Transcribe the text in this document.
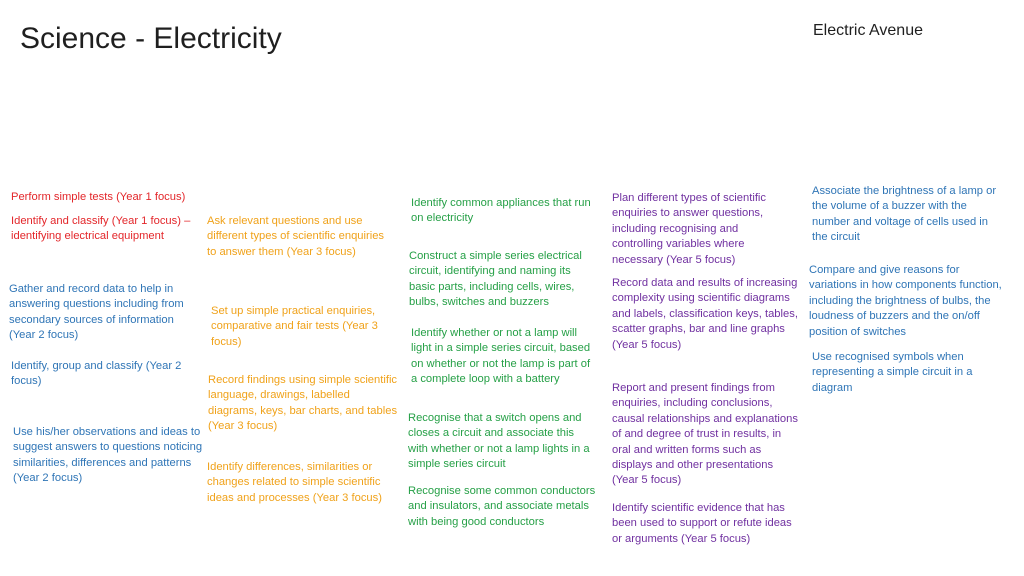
Science - Electricity	Electric Avenue
Perform simple tests (Year 1 focus)
Identify and classify (Year 1 focus) – identifying electrical equipment
Gather and record data to help in answering questions including from secondary sources of information (Year 2 focus)
Identify, group and classify (Year 2 focus)
Use his/her observations and ideas to suggest answers to questions noticing similarities, differences and patterns (Year 2 focus)
Ask relevant questions and use different types of scientific enquiries to answer them (Year 3 focus)
Set up simple practical enquiries, comparative and fair tests (Year 3 focus)
Record findings using simple scientific language, drawings, labelled diagrams, keys, bar charts, and tables (Year 3 focus)
Identify differences, similarities or changes related to simple scientific ideas and processes (Year 3 focus)
Identify common appliances that run on electricity
Construct a simple series electrical circuit, identifying and naming its basic parts, including cells, wires, bulbs, switches and buzzers
Identify whether or not a lamp will light in a simple series circuit, based on whether or not the lamp is part of a complete loop with a battery
Recognise that a switch opens and closes a circuit and associate this with whether or not a lamp lights in a simple series circuit
Recognise some common conductors and insulators, and associate metals with being good conductors
Plan different types of scientific enquiries to answer questions, including recognising and controlling variables where necessary (Year 5 focus)
Record data and results of increasing complexity using scientific diagrams and labels, classification keys, tables, scatter graphs, bar and line graphs (Year 5 focus)
Report and present findings from enquiries, including conclusions, causal relationships and explanations of and degree of trust in results, in oral and written forms such as displays and other presentations (Year 5 focus)
Identify scientific evidence that has been used to support or refute ideas or arguments (Year 5 focus)
Associate the brightness of a lamp or the volume of a buzzer with the number and voltage of cells used in the circuit
Compare and give reasons for variations in how components function, including the brightness of bulbs, the loudness of buzzers and the on/off position of switches
Use recognised symbols when representing a simple circuit in a diagram
